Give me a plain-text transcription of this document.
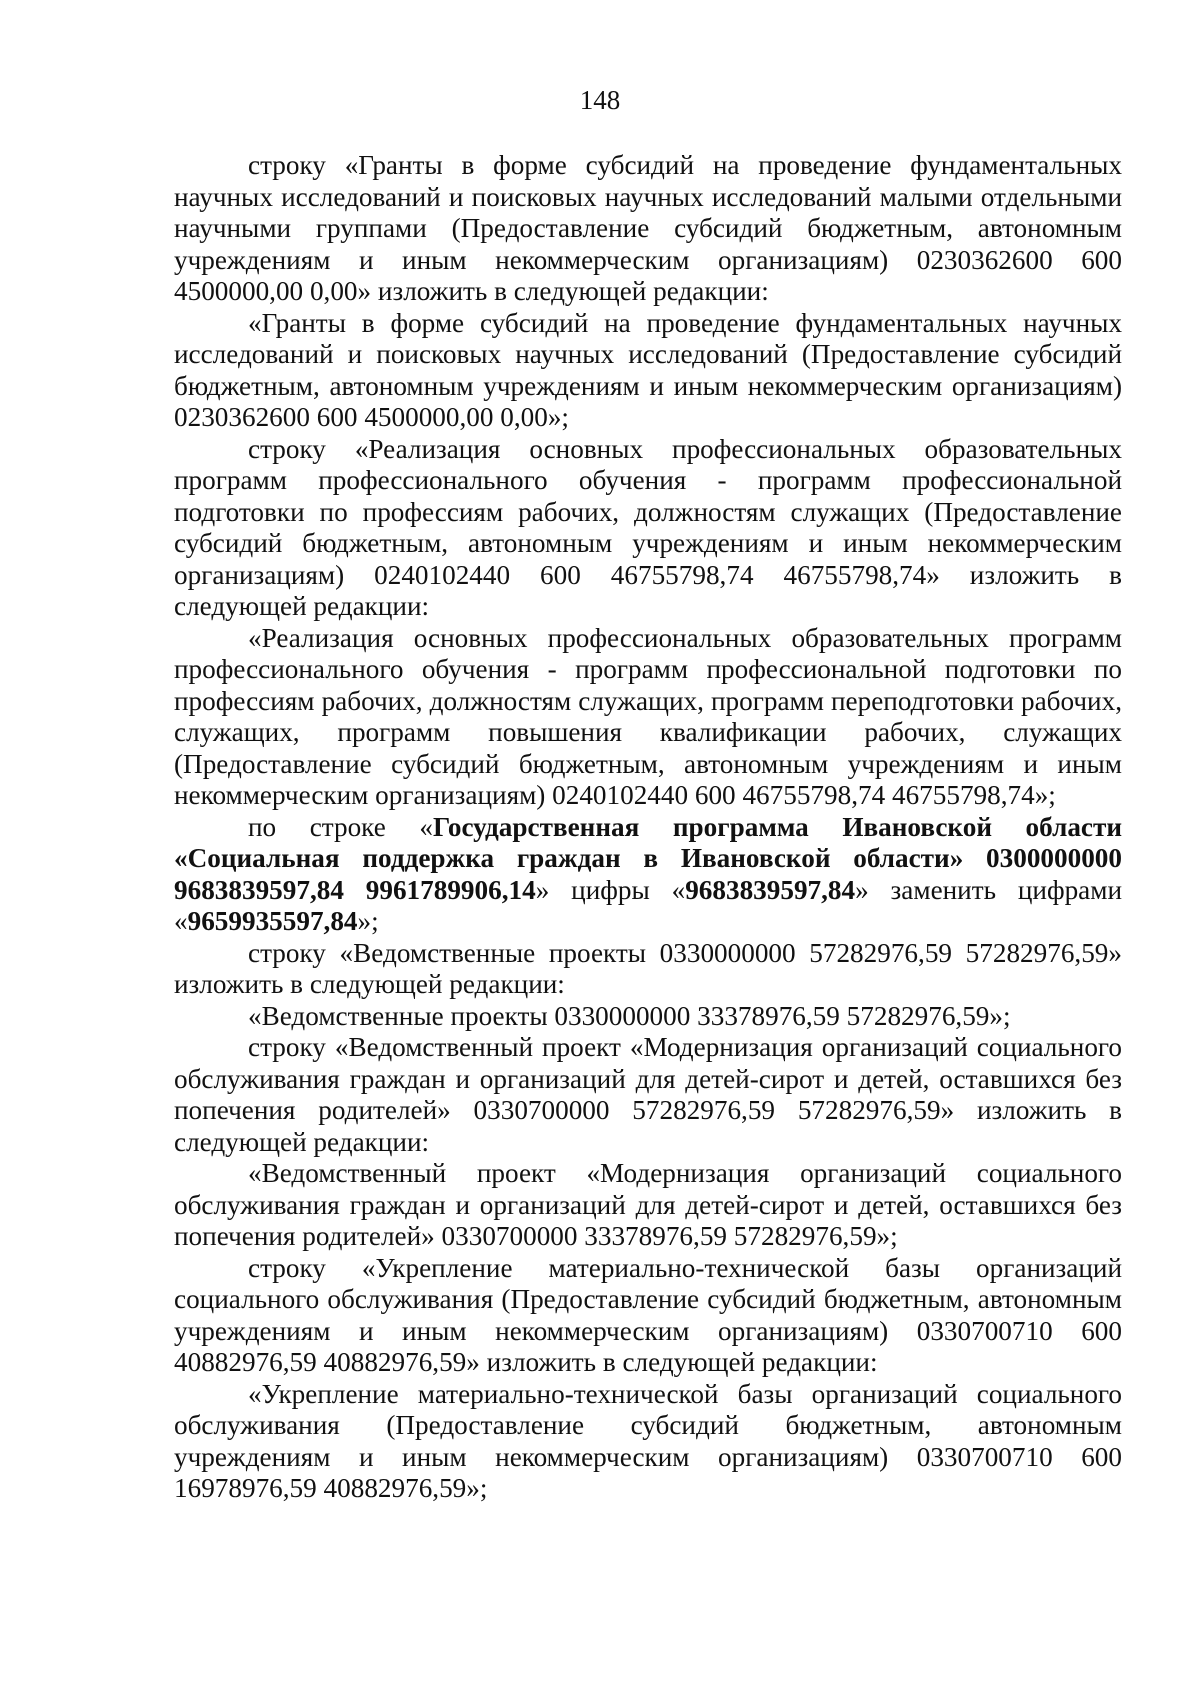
148

строку «Гранты в форме субсидий на проведение фундаментальных научных исследований и поисковых научных исследований малыми отдельными научными группами (Предоставление субсидий бюджетным, автономным учреждениям и иным некоммерческим организациям) 0230362600 600 4500000,00 0,00» изложить в следующей редакции:

«Гранты в форме субсидий на проведение фундаментальных научных исследований и поисковых научных исследований (Предоставление субсидий бюджетным, автономным учреждениям и иным некоммерческим организациям) 0230362600 600 4500000,00 0,00»;

строку «Реализация основных профессиональных образовательных программ профессионального обучения - программ профессиональной подготовки по профессиям рабочих, должностям служащих (Предоставление субсидий бюджетным, автономным учреждениям и иным некоммерческим организациям) 0240102440 600 46755798,74 46755798,74» изложить в следующей редакции:

«Реализация основных профессиональных образовательных программ профессионального обучения - программ профессиональной подготовки по профессиям рабочих, должностям служащих, программ переподготовки рабочих, служащих, программ повышения квалификации рабочих, служащих (Предоставление субсидий бюджетным, автономным учреждениям и иным некоммерческим организациям) 0240102440 600 46755798,74 46755798,74»;

по строке «Государственная программа Ивановской области «Социальная поддержка граждан в Ивановской области» 0300000000 9683839597,84 9961789906,14» цифры «9683839597,84» заменить цифрами «9659935597,84»;

строку «Ведомственные проекты 0330000000 57282976,59 57282976,59» изложить в следующей редакции:

«Ведомственные проекты 0330000000 33378976,59 57282976,59»;

строку «Ведомственный проект «Модернизация организаций социального обслуживания граждан и организаций для детей-сирот и детей, оставшихся без попечения родителей» 0330700000 57282976,59 57282976,59» изложить в следующей редакции:

«Ведомственный проект «Модернизация организаций социального обслуживания граждан и организаций для детей-сирот и детей, оставшихся без попечения родителей» 0330700000 33378976,59 57282976,59»;

строку «Укрепление материально-технической базы организаций социального обслуживания (Предоставление субсидий бюджетным, автономным учреждениям и иным некоммерческим организациям) 0330700710 600 40882976,59 40882976,59» изложить в следующей редакции:

«Укрепление материально-технической базы организаций социального обслуживания (Предоставление субсидий бюджетным, автономным учреждениям и иным некоммерческим организациям) 0330700710 600 16978976,59 40882976,59»;
